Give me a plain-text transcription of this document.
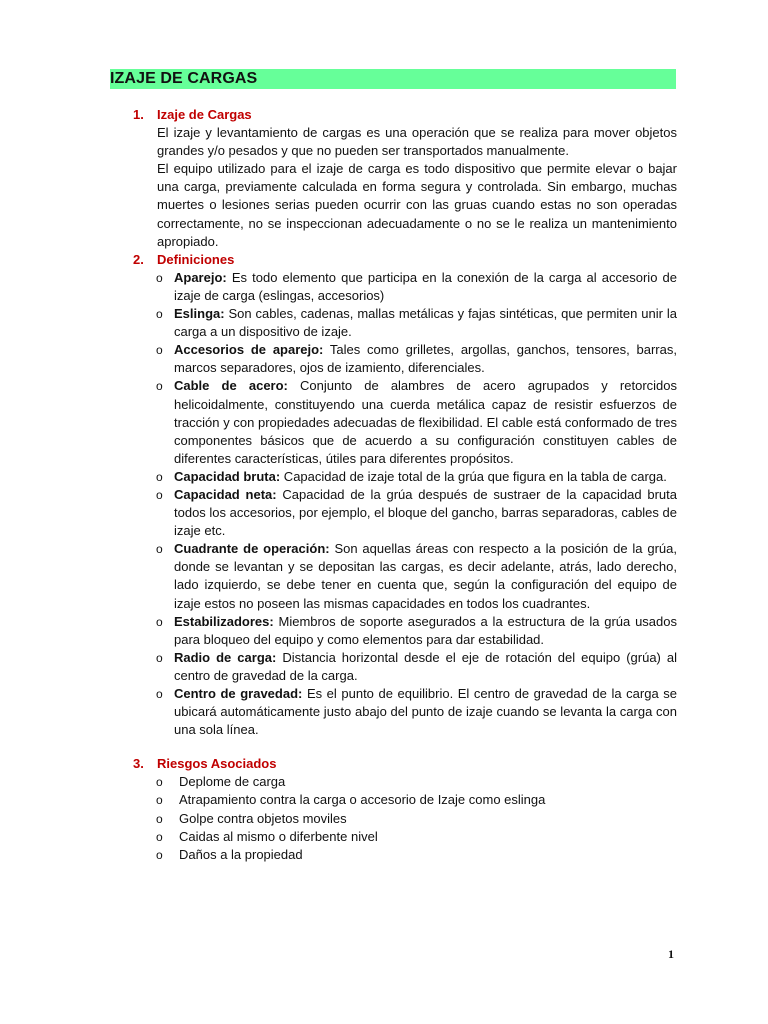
IZAJE DE CARGAS
1. Izaje de Cargas
El izaje y levantamiento de cargas es una operación que se realiza para mover objetos grandes y/o pesados y que no pueden ser transportados manualmente.
El equipo utilizado para el izaje de carga es todo dispositivo que permite elevar o bajar una carga, previamente calculada en forma segura y controlada. Sin embargo, muchas muertes o lesiones serias pueden ocurrir con las gruas cuando estas no son operadas correctamente, no se inspeccionan adecuadamente o no se le realiza un mantenimiento apropiado.
2. Definiciones
o Aparejo: Es todo elemento que participa en la conexión de la carga al accesorio de izaje de carga (eslingas, accesorios)
o Eslinga: Son cables, cadenas, mallas metálicas y fajas sintéticas, que permiten unir la carga a un dispositivo de izaje.
o Accesorios de aparejo: Tales como grilletes, argollas, ganchos, tensores, barras, marcos separadores, ojos de izamiento, diferenciales.
o Cable de acero: Conjunto de alambres de acero agrupados y retorcidos helicoidalmente, constituyendo una cuerda metálica capaz de resistir esfuerzos de tracción y con propiedades adecuadas de flexibilidad. El cable está conformado de tres componentes básicos que de acuerdo a su configuración constituyen cables de diferentes características, útiles para diferentes propósitos.
o Capacidad bruta: Capacidad de izaje total de la grúa que figura en la tabla de carga.
o Capacidad neta: Capacidad de la grúa después de sustraer de la capacidad bruta todos los accesorios, por ejemplo, el bloque del gancho, barras separadoras, cables de izaje etc.
o Cuadrante de operación: Son aquellas áreas con respecto a la posición de la grúa, donde se levantan y se depositan las cargas, es decir adelante, atrás, lado derecho, lado izquierdo, se debe tener en cuenta que, según la configuración del equipo de izaje estos no poseen las mismas capacidades en todos los cuadrantes.
o Estabilizadores: Miembros de soporte asegurados a la estructura de la grúa usados para bloqueo del equipo y como elementos para dar estabilidad.
o Radio de carga: Distancia horizontal desde el eje de rotación del equipo (grúa) al centro de gravedad de la carga.
o Centro de gravedad: Es el punto de equilibrio. El centro de gravedad de la carga se ubicará automáticamente justo abajo del punto de izaje cuando se levanta la carga con una sola línea.
3. Riesgos Asociados
o Deplome de carga
o Atrapamiento contra la carga o accesorio de Izaje como eslinga
o Golpe contra objetos moviles
o Caidas al mismo o diferbente nivel
o Daños a la propiedad
1
